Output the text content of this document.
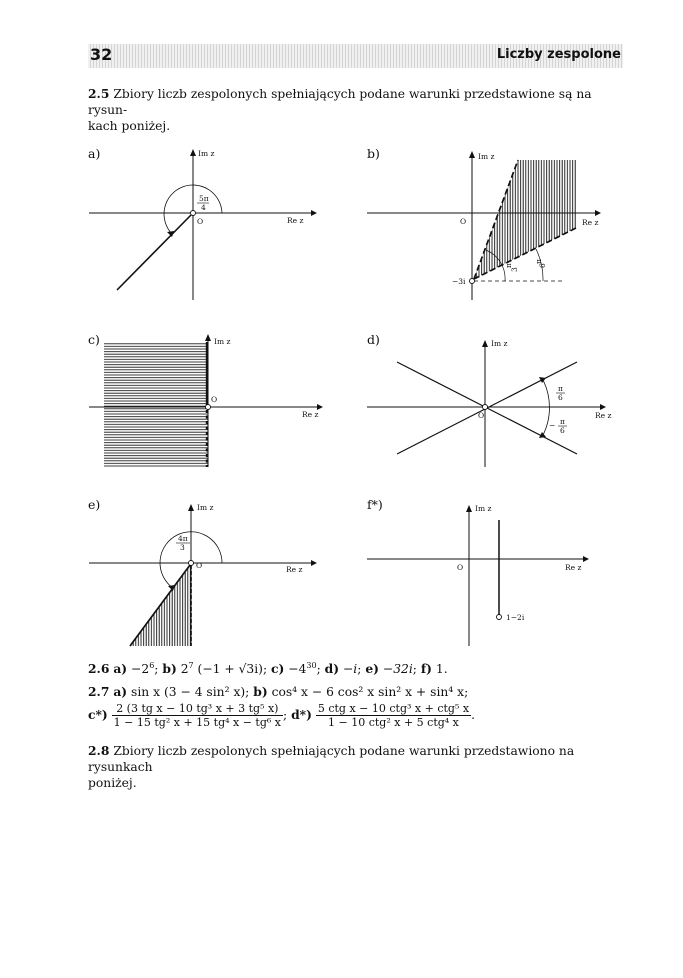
32	Liczby zespolone

2.5 Zbiory liczb zespolonych spełniających podane warunki przedstawione są na rysun-
kach poniżej.

a)	b)
c)	d)
e)	f*)
Im z
Re z
O
5π
4
Im z
Re z
O
−3i
π
3
π
6
Im z
Re z
O
Im z
Re z
O
π
6
− π
6
Im z
Re z
O
4π
3
Im z
Re z
O
1−2i
2.6 $a) -2^6$; b) $2^7$ (−1 + √3i); $c) -4^{30}$; d) −i; e) −32i; f) 1.
2.7 a) sin x (3 − 4 sin² x); b) cos⁴ x − 6 cos² x sin² x + sin⁴ x;
$c*) \frac{\text{2 (3 tg x − 10 tg³ x + 3 tg⁵ x)}}{\text{1 − 15 tg² x + 15 tg⁴ x − tg⁶ x}}$ ; $d*) \frac{\text{5 ctg x − 10 ctg³ x + ctg⁵ x}}{\text{1 − 10 ctg² x + 5 ctg⁴ x}}$ .

2.8 Zbiory liczb zespolonych spełniających podane warunki przedstawiono na rysunkach
poniżej.
